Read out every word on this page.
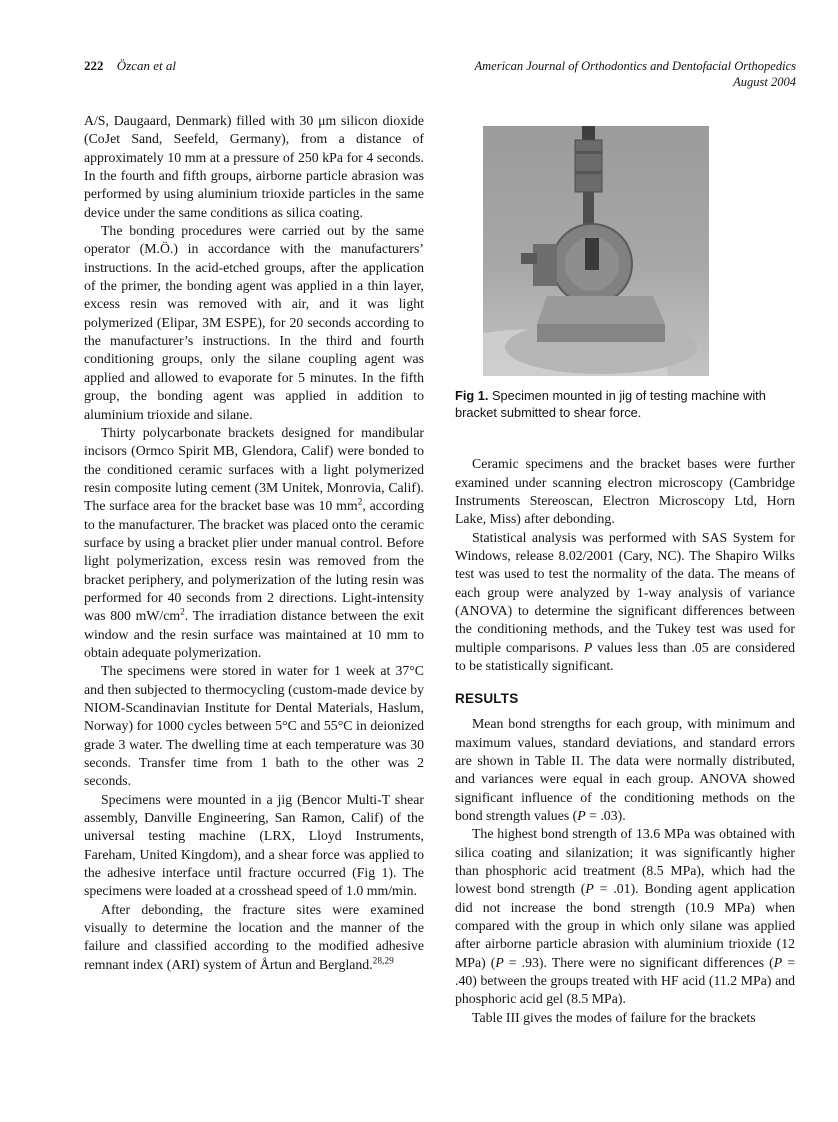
222 Özcan et al	American Journal of Orthodontics and Dentofacial Orthopedics
August 2004

A/S, Daugaard, Denmark) filled with 30 μm silicon dioxide (CoJet Sand, Seefeld, Germany), from a distance of approximately 10 mm at a pressure of 250 kPa for 4 seconds. In the fourth and fifth groups, airborne particle abrasion was performed by using aluminium trioxide particles in the same device under the same conditions as silica coating.

The bonding procedures were carried out by the same operator (M.Ö.) in accordance with the manufacturers’ instructions. In the acid-etched groups, after the application of the primer, the bonding agent was applied in a thin layer, excess resin was removed with air, and it was light polymerized (Elipar, 3M ESPE), for 20 seconds according to the manufacturer’s instructions. In the third and fourth conditioning groups, only the silane coupling agent was applied and allowed to evaporate for 5 minutes. In the fifth group, the bonding agent was applied in addition to aluminium trioxide and silane.

Thirty polycarbonate brackets designed for mandibular incisors (Ormco Spirit MB, Glendora, Calif) were bonded to the conditioned ceramic surfaces with a light polymerized resin composite luting cement (3M Unitek, Monrovia, Calif). The surface area for the bracket base was 10 $mm^2$, according to the manufacturer. The bracket was placed onto the ceramic surface by using a bracket plier under manual control. Before light polymerization, excess resin was removed from the bracket periphery, and polymerization of the luting resin was performed for 40 seconds from 2 directions. Light-intensity was 800 $mW/cm^2$. The irradiation distance between the exit window and the resin surface was maintained at 10 mm to obtain adequate polymerization.

The specimens were stored in water for 1 week at 37°C and then subjected to thermocycling (custom-made device by NIOM-Scandinavian Institute for Dental Materials, Haslum, Norway) for 1000 cycles between 5°C and 55°C in deionized grade 3 water. The dwelling time at each temperature was 30 seconds. Transfer time from 1 bath to the other was 2 seconds.

Specimens were mounted in a jig (Bencor Multi-T shear assembly, Danville Engineering, San Ramon, Calif) of the universal testing machine (LRX, Lloyd Instruments, Fareham, United Kingdom), and a shear force was applied to the adhesive interface until fracture occurred (Fig 1). The specimens were loaded at a crosshead speed of 1.0 mm/min.

After debonding, the fracture sites were examined visually to determine the location and the manner of the failure and classified according to the modified adhesive remnant index (ARI) system of Årtun and Bergland.$^{28,29}$

Fig 1. Specimen mounted in jig of testing machine with bracket submitted to shear force.

Ceramic specimens and the bracket bases were further examined under scanning electron microscopy (Cambridge Instruments Stereoscan, Electron Microscopy Ltd, Horn Lake, Miss) after debonding.

Statistical analysis was performed with SAS System for Windows, release 8.02/2001 (Cary, NC). The Shapiro Wilks test was used to test the normality of the data. The means of each group were analyzed by 1-way analysis of variance (ANOVA) to determine the significant differences between the conditioning methods, and the Tukey test was used for multiple comparisons. P values less than .05 are considered to be statistically significant.

RESULTS

Mean bond strengths for each group, with minimum and maximum values, standard deviations, and standard errors are shown in Table II. The data were normally distributed, and variances were equal in each group. ANOVA showed significant influence of the conditioning methods on the bond strength values (P = .03).

The highest bond strength of 13.6 MPa was obtained with silica coating and silanization; it was significantly higher than phosphoric acid treatment (8.5 MPa), which had the lowest bond strength (P = .01). Bonding agent application did not increase the bond strength (10.9 MPa) when compared with the group in which only silane was applied after airborne particle abrasion with aluminium trioxide (12 MPa) (P = .93). There were no significant differences (P = .40) between the groups treated with HF acid (11.2 MPa) and phosphoric acid gel (8.5 MPa).

Table III gives the modes of failure for the brackets
